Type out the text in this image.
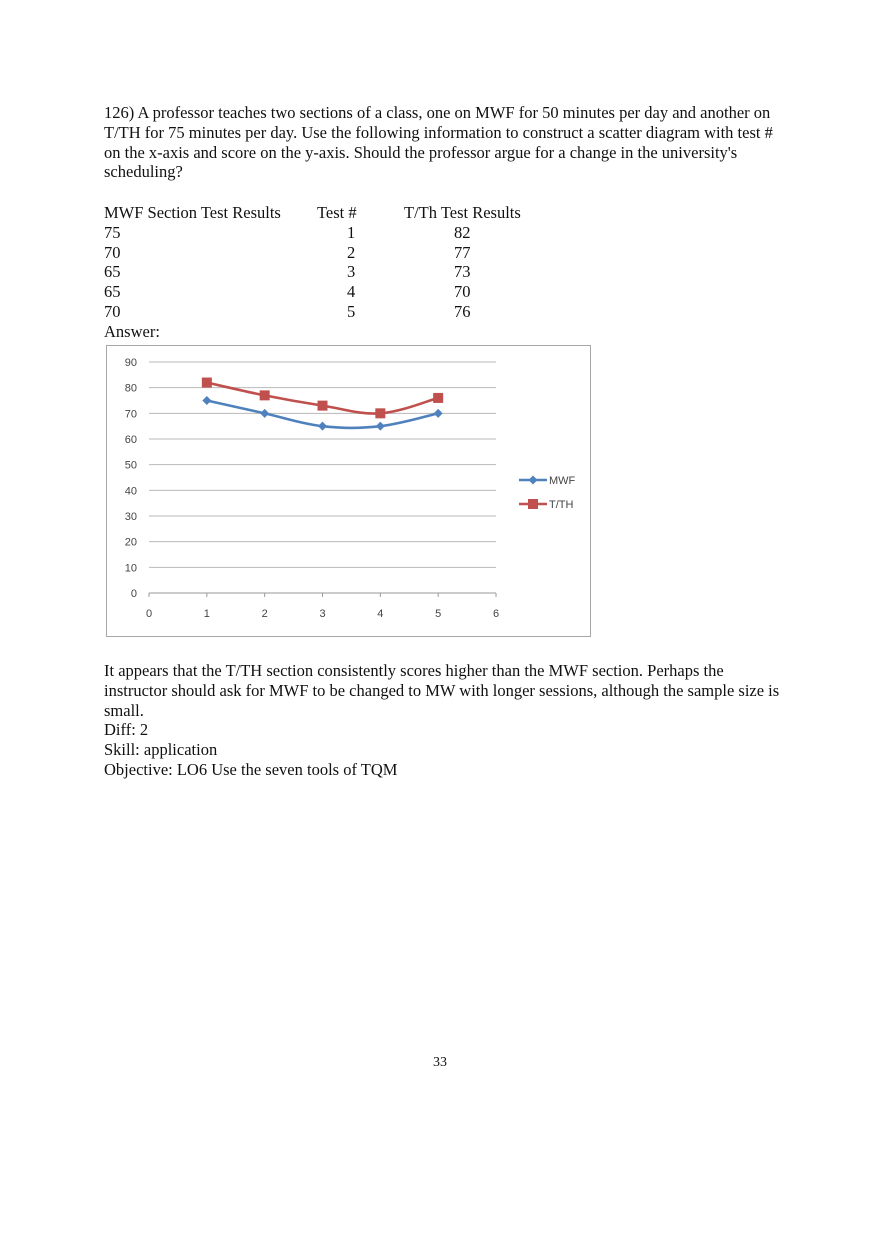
126) A professor teaches two sections of a class, one on MWF for 50 minutes per day and another on T/TH for 75 minutes per day. Use the following information to construct a scatter diagram with test # on the x-axis and score on the y-axis. Should the professor argue for a change in the university's scheduling?

MWF Section Test Results	Test #	T/Th Test Results
75	1	82
70	2	77
65	3	73
65	4	70
70	5	76

Answer:

0
10
20
30
40
50
60
70
80
90
0	1	2	3	4	5	6
MWF
T/TH

It appears that the T/TH section consistently scores higher than the MWF section. Perhaps the instructor should ask for MWF to be changed to MW with longer sessions, although the sample size is small.

Diff: 2

Skill: application

Objective: LO6 Use the seven tools of TQM

33
